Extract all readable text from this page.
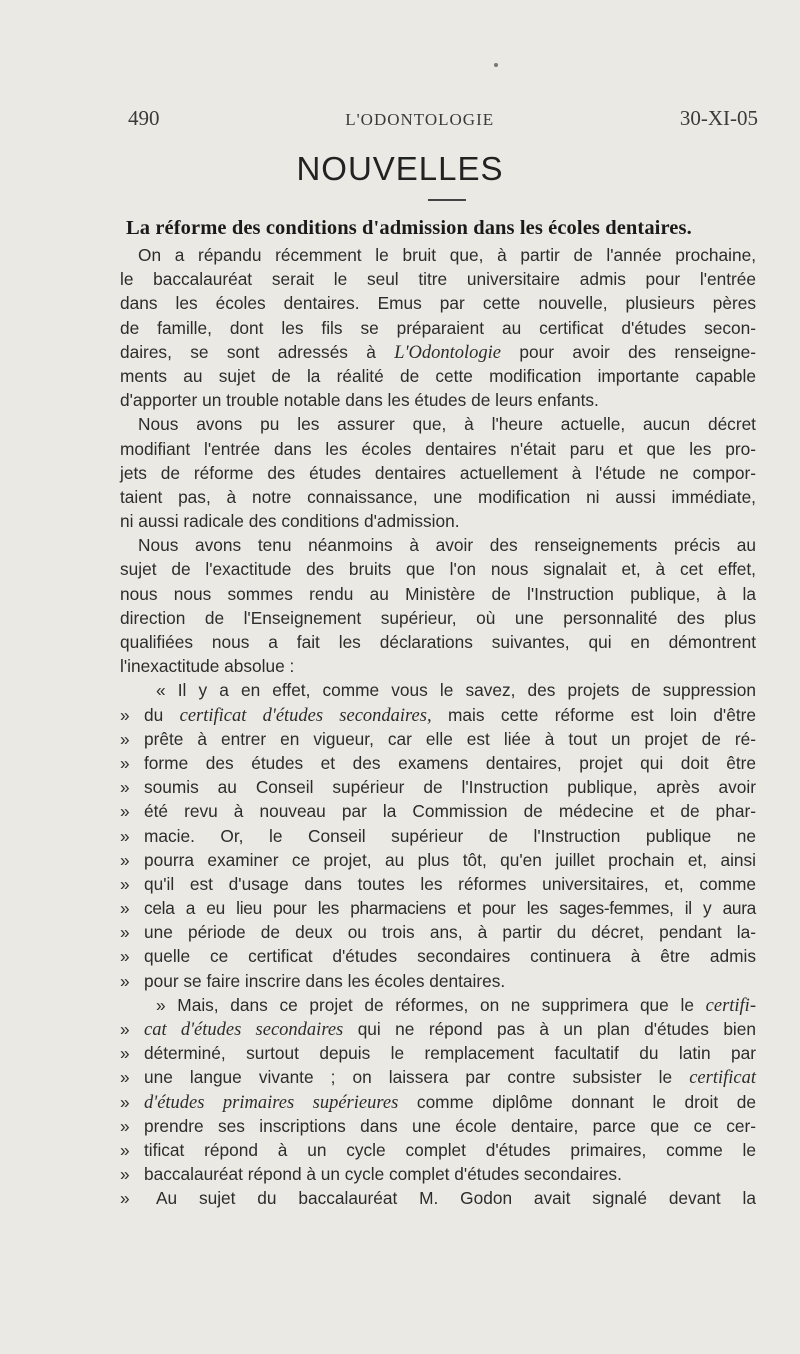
490	L'ODONTOLOGIE	30-XI-05
NOUVELLES
La réforme des conditions d'admission dans les écoles dentaires.
On a répandu récemment le bruit que, à partir de l'année prochaine,
le baccalauréat serait le seul titre universitaire admis pour l'entrée
dans les écoles dentaires. Emus par cette nouvelle, plusieurs pères
de famille, dont les fils se préparaient au certificat d'études secon-
daires, se sont adressés à L'Odontologie pour avoir des renseigne-
ments au sujet de la réalité de cette modification importante capable
d'apporter un trouble notable dans les études de leurs enfants.
Nous avons pu les assurer que, à l'heure actuelle, aucun décret
modifiant l'entrée dans les écoles dentaires n'était paru et que les pro-
jets de réforme des études dentaires actuellement à l'étude ne compor-
taient pas, à notre connaissance, une modification ni aussi immédiate,
ni aussi radicale des conditions d'admission.
Nous avons tenu néanmoins à avoir des renseignements précis au
sujet de l'exactitude des bruits que l'on nous signalait et, à cet effet,
nous nous sommes rendu au Ministère de l'Instruction publique, à la
direction de l'Enseignement supérieur, où une personnalité des plus
qualifiées nous a fait les déclarations suivantes, qui en démontrent
l'inexactitude absolue :
« Il y a en effet, comme vous le savez, des projets de suppression
» du certificat d'études secondaires, mais cette réforme est loin d'être
» prête à entrer en vigueur, car elle est liée à tout un projet de ré-
» forme des études et des examens dentaires, projet qui doit être
» soumis au Conseil supérieur de l'Instruction publique, après avoir
» été revu à nouveau par la Commission de médecine et de phar-
» macie. Or, le Conseil supérieur de l'Instruction publique ne
» pourra examiner ce projet, au plus tôt, qu'en juillet prochain et, ainsi
» qu'il est d'usage dans toutes les réformes universitaires, et, comme
» cela a eu lieu pour les pharmaciens et pour les sages-femmes, il y aura
» une période de deux ou trois ans, à partir du décret, pendant la-
» quelle ce certificat d'études secondaires continuera à être admis
» pour se faire inscrire dans les écoles dentaires.
» Mais, dans ce projet de réformes, on ne supprimera que le certifi-
» cat d'études secondaires qui ne répond pas à un plan d'études bien
» déterminé, surtout depuis le remplacement facultatif du latin par
» une langue vivante ; on laissera par contre subsister le certificat
» d'études primaires supérieures comme diplôme donnant le droit de
» prendre ses inscriptions dans une école dentaire, parce que ce cer-
» tificat répond à un cycle complet d'études primaires, comme le
» baccalauréat répond à un cycle complet d'études secondaires.
»	Au sujet du baccalauréat M. Godon avait signalé devant la
